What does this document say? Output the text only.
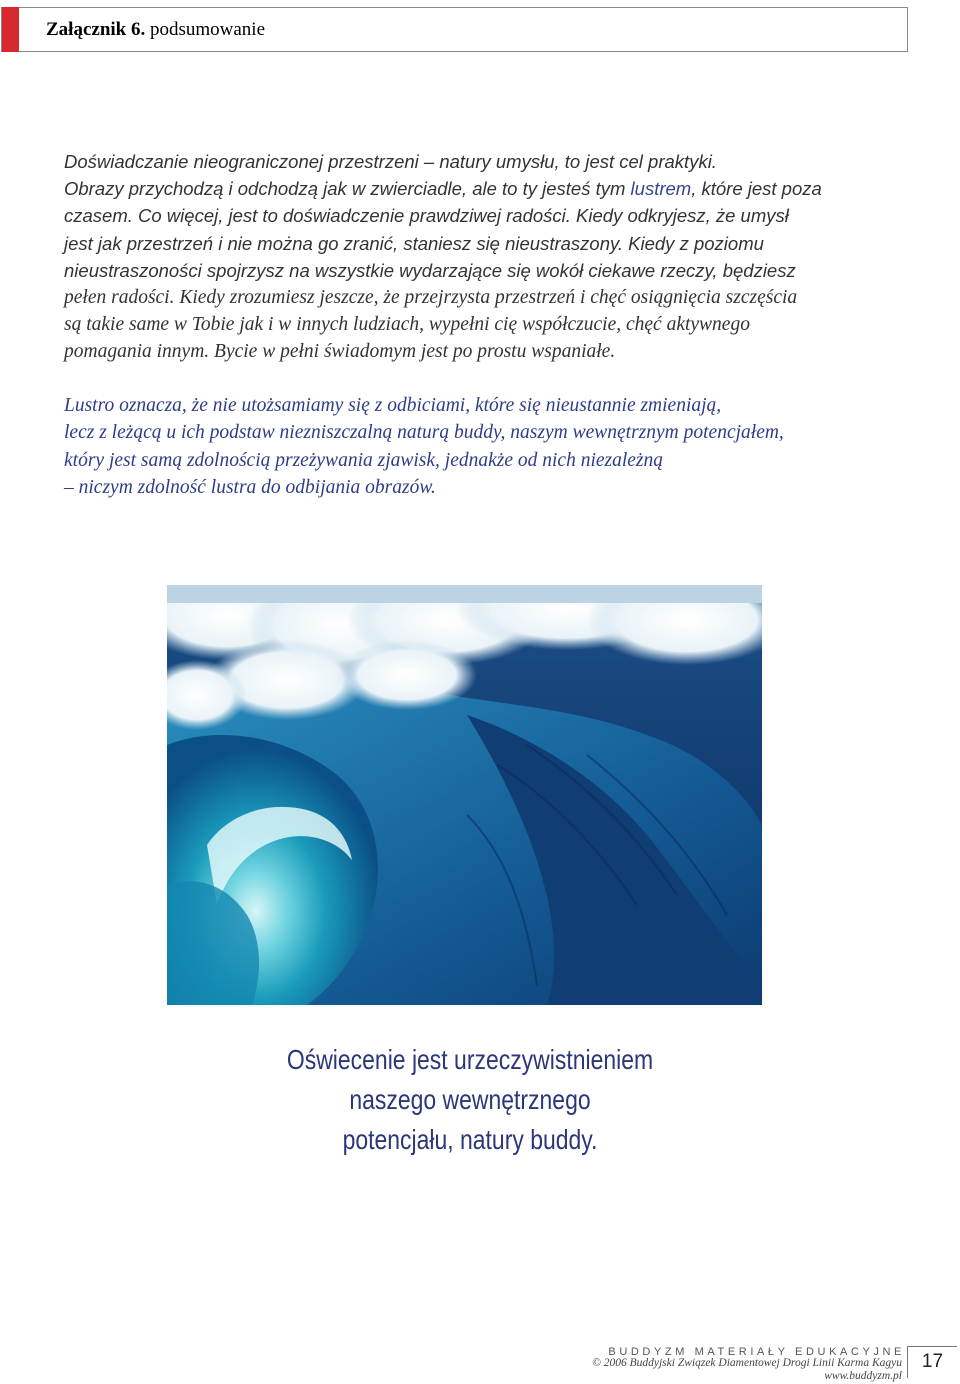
Załącznik 6. podsumowanie
Doświadczanie nieograniczonej przestrzeni – natury umysłu, to jest cel praktyki.
Obrazy przychodzą i odchodzą jak w zwierciadle, ale to ty jesteś tym lustrem, które jest poza
czasem. Co więcej, jest to doświadczenie prawdziwej radości. Kiedy odkryjesz, że umysł
jest jak przestrzeń i nie można go zranić, staniesz się nieustraszony. Kiedy z poziomu
nieustraszoności spojrzysz na wszystkie wydarzające się wokół ciekawe rzeczy, będziesz
pełen radości. Kiedy zrozumiesz jeszcze, że przejrzysta przestrzeń i chęć osiągnięcia szczęścia
są takie same w Tobie jak i w innych ludziach, wypełni cię współczucie, chęć aktywnego
pomagania innym. Bycie w pełni świadomym jest po prostu wspaniałe.
Lustro oznacza, że nie utożsamiamy się z odbiciami, które się nieustannie zmieniają,
lecz z leżącą u ich podstaw niezniszczalną naturą buddy, naszym wewnętrznym potencjałem,
który jest samą zdolnością przeżywania zjawisk, jednakże od nich niezależną
– niczym zdolność lustra do odbijania obrazów.
Oświecenie jest urzeczywistnieniem
naszego wewnętrznego
potencjału, natury buddy.
BUDDYZM MATERIAŁY EDUKACYJNE
© 2006 Buddyjski Związek Diamentowej Drogi Linii Karma Kagyu
www.buddyzm.pl
17
